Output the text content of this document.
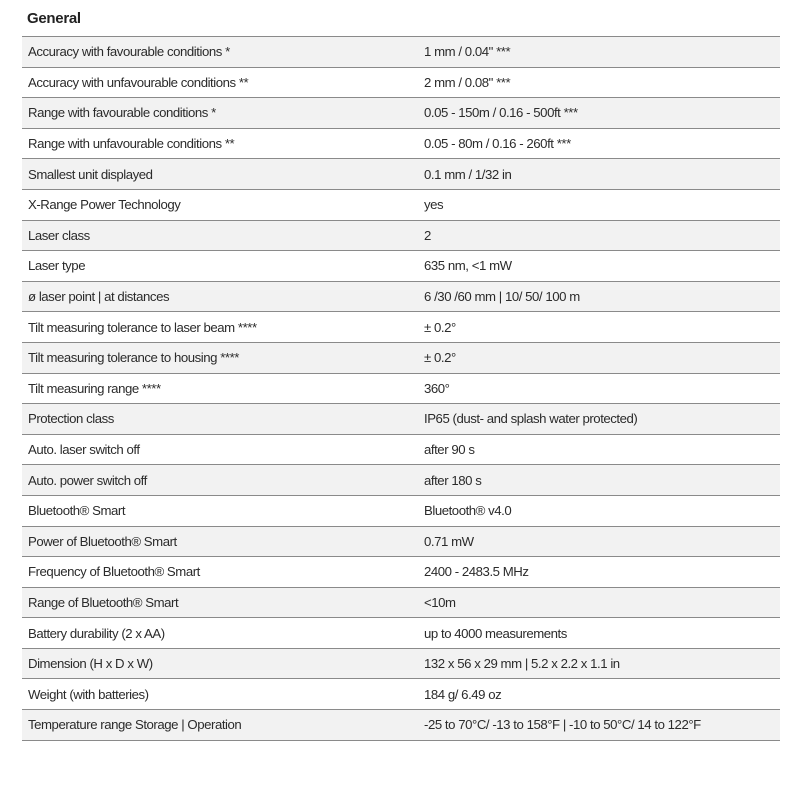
General
Accuracy with favourable conditions *	1 mm / 0.04" ***
Accuracy with unfavourable conditions **	2 mm / 0.08" ***
Range with favourable conditions *	0.05 - 150m / 0.16 - 500ft ***
Range with unfavourable conditions **	0.05 - 80m / 0.16 - 260ft ***
Smallest unit displayed	0.1 mm / 1/32 in
X-Range Power Technology	yes
Laser class	2
Laser type	635 nm, <1 mW
ø laser point | at distances	6 /30 /60 mm | 10/ 50/ 100 m
Tilt measuring tolerance to laser beam ****	± 0.2°
Tilt measuring tolerance to housing ****	± 0.2°
Tilt measuring range ****	360°
Protection class	IP65 (dust- and splash water protected)
Auto. laser switch off	after 90 s
Auto. power switch off	after 180 s
Bluetooth® Smart	Bluetooth® v4.0
Power of Bluetooth® Smart	0.71 mW
Frequency of Bluetooth® Smart	2400 - 2483.5 MHz
Range of Bluetooth® Smart	<10m
Battery durability (2 x AA)	up to 4000 measurements
Dimension (H x D x W)	132 x 56 x 29 mm | 5.2 x 2.2 x 1.1 in
Weight (with batteries)	184 g/ 6.49 oz
Temperature range Storage | Operation	-25 to 70°C/ -13 to 158°F | -10 to 50°C/ 14 to 122°F
